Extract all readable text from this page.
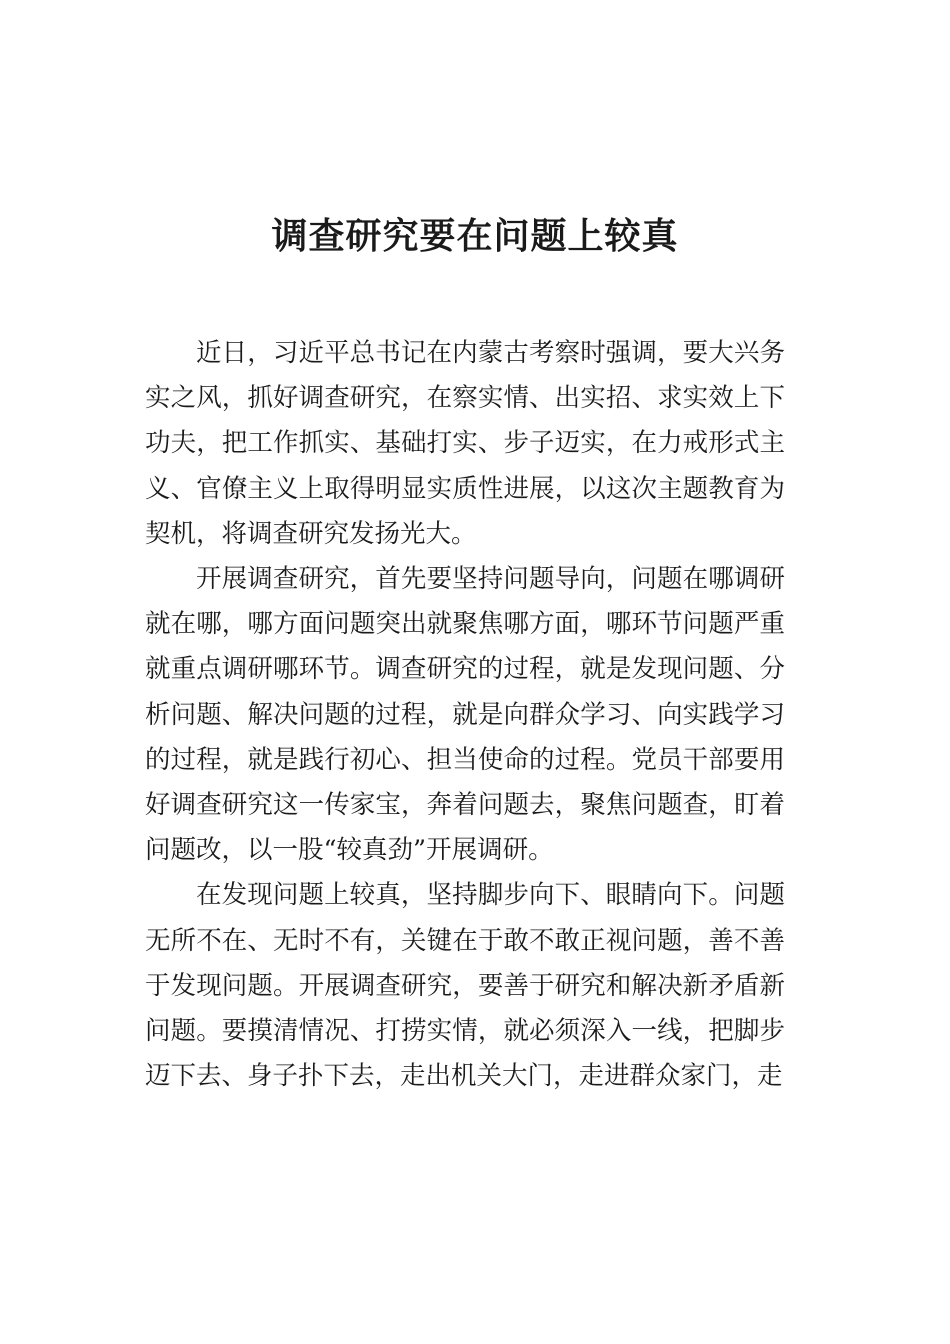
调查研究要在问题上较真

近日，习近平总书记在内蒙古考察时强调，要大兴务实之风，抓好调查研究，在察实情、出实招、求实效上下功夫，把工作抓实、基础打实、步子迈实，在力戒形式主义、官僚主义上取得明显实质性进展，以这次主题教育为契机，将调查研究发扬光大。

开展调查研究，首先要坚持问题导向，问题在哪调研就在哪，哪方面问题突出就聚焦哪方面，哪环节问题严重就重点调研哪环节。调查研究的过程，就是发现问题、分析问题、解决问题的过程，就是向群众学习、向实践学习的过程，就是践行初心、担当使命的过程。党员干部要用好调查研究这一传家宝，奔着问题去，聚焦问题查，盯着问题改，以一股“较真劲”开展调研。

在发现问题上较真，坚持脚步向下、眼睛向下。问题无所不在、无时不有，关键在于敢不敢正视问题，善不善于发现问题。开展调查研究，要善于研究和解决新矛盾新问题。要摸清情况、打捞实情，就必须深入一线，把脚步迈下去、身子扑下去，走出机关大门，走进群众家门，走
